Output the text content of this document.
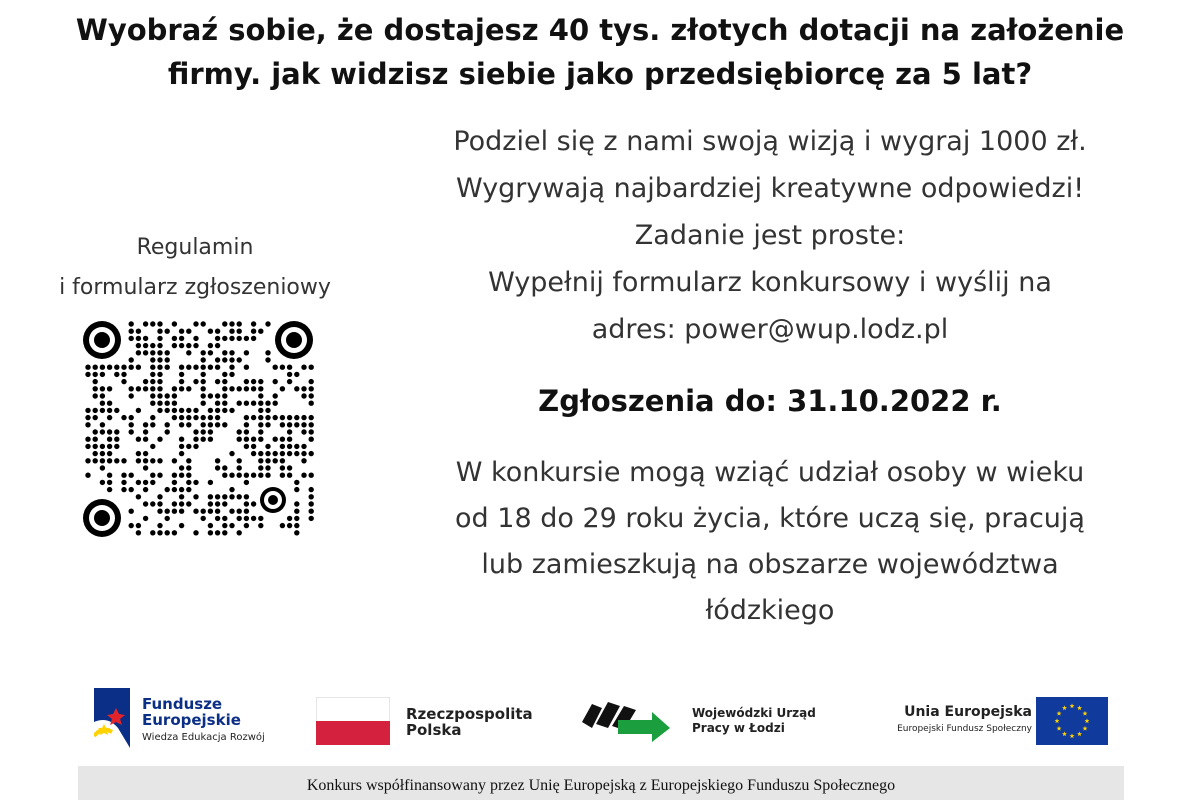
Wyobraź sobie, że dostajesz 40 tys. złotych dotacji na założenie
firmy. jak widzisz siebie jako przedsiębiorcę za 5 lat?
Regulamin
i formularz zgłoszeniowy
Podziel się z nami swoją wizją i wygraj 1000 zł.
Wygrywają najbardziej kreatywne odpowiedzi!
Zadanie jest proste:
Wypełnij formularz konkursowy i wyślij na
adres: power@wup.lodz.pl
Zgłoszenia do: 31.10.2022 r.
W konkursie mogą wziąć udział osoby w wieku
od 18 do 29 roku życia, które uczą się, pracują
lub zamieszkują na obszarze województwa
łódzkiego
Fundusze
Europejskie
Wiedza Edukacja Rozwój
Rzeczpospolita
Polska
Wojewódzki Urząd
Pracy w Łodzi
Unia Europejska
Europejski Fundusz Społeczny
Konkurs współfinansowany przez Unię Europejską z Europejskiego Funduszu Społecznego
